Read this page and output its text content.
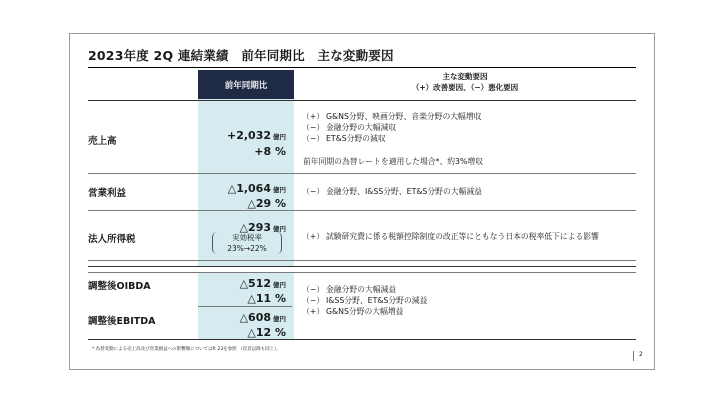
2023年度 2Q 連結業績　前年同期比　主な変動要因
前年同期比
主な変動要因
（+）改善要因、（−）悪化要因
売上高	+2,032 億円
+8 %
（+） G&NS分野、映画分野、音楽分野の大幅増収
（−） 金融分野の大幅減収
（−） ET&S分野の減収
前年同期の為替レートを適用した場合*、約3%増収
営業利益	△1,064 億円
△29 %
（−） 金融分野、I&SS分野、ET&S分野の大幅減益
法人所得税
△293 億円
実効税率
23%→22%
（+） 試験研究費に係る税額控除制度の改正等にともなう日本の税率低下による影響
調整後OIBDA	△512 億円
△11 %
調整後EBITDA	△608 億円
△12 %
（−） 金融分野の大幅減益
（−） I&SS分野、ET&S分野の減益
（+） G&NS分野の大幅増益
* 為替変動による売上高及び営業損益への影響額についてはP. 23を参照 （次頁以降も同じ）。
2
